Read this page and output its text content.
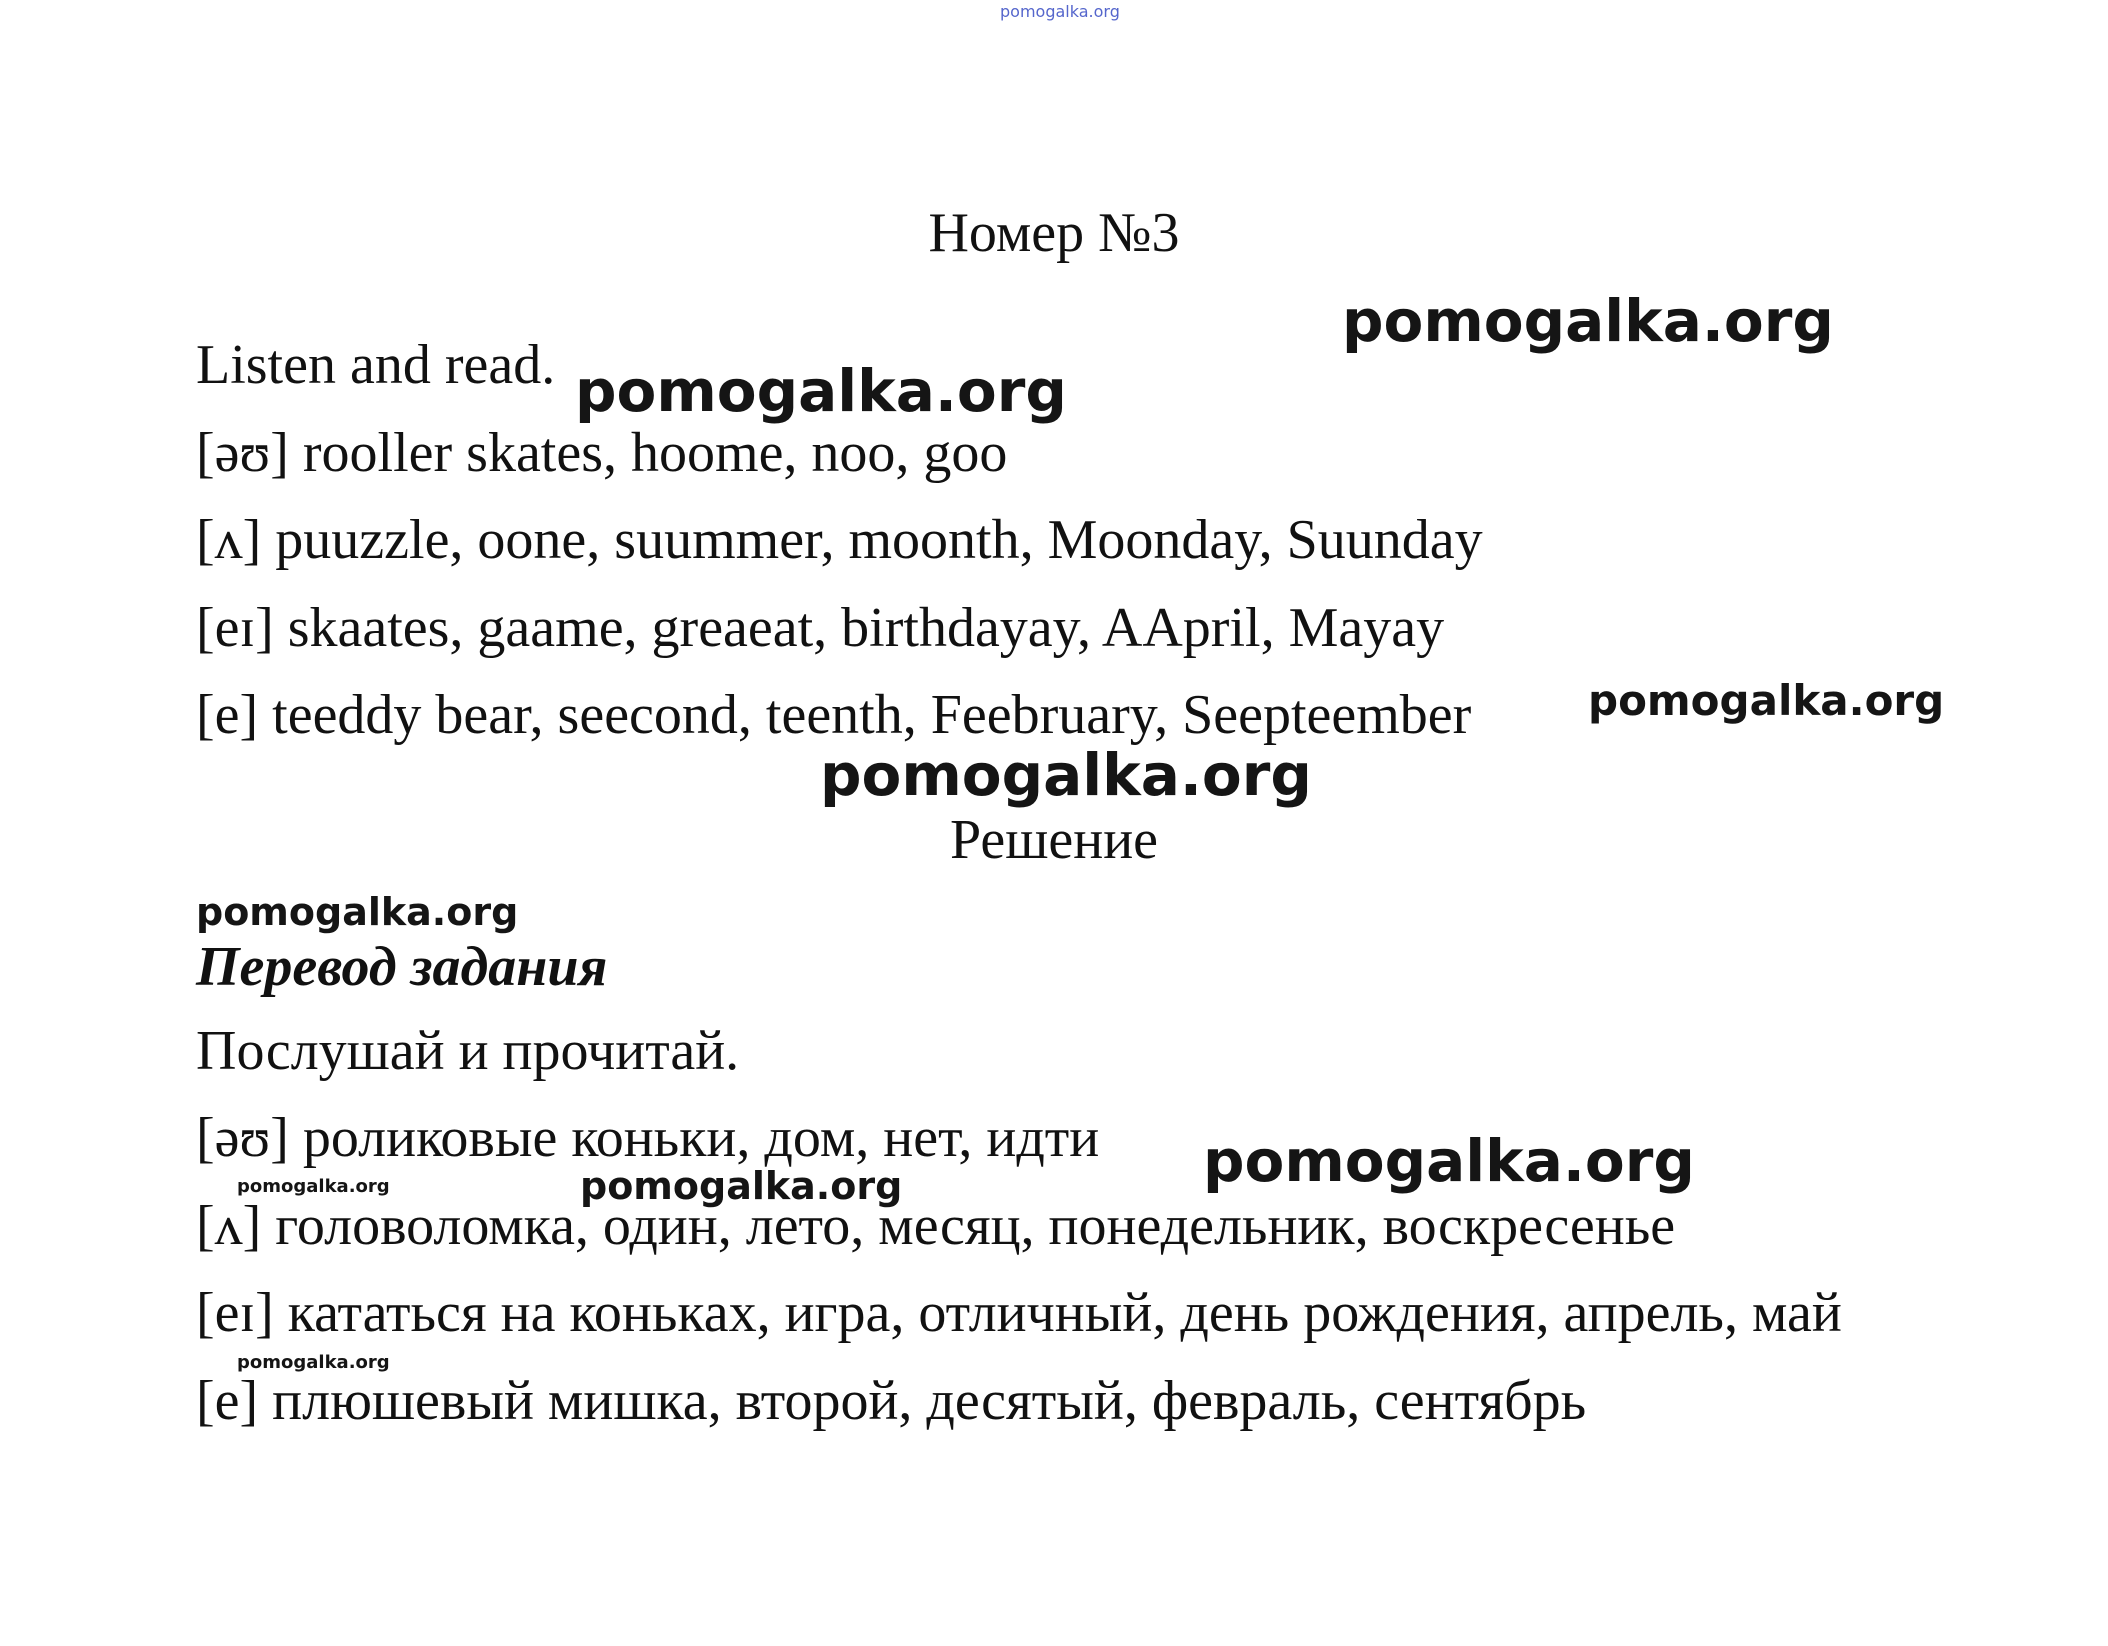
pomogalka.org
Номер №3
Listen and read.
[əʊ] rooller skates, hoome, noo, goo
[ʌ] puuzzle, oone, suummer, moonth, Moonday, Suunday
[eɪ] skaates, gaame, greaeat, birthdayay, AApril, Mayay
[e] teeddy bear, seecond, teenth, Feebruary, Seepteember
Решение
Перевод задания
Послушай и прочитай.
[əʊ] роликовые коньки, дом, нет, идти
[ʌ] головоломка, один, лето, месяц, понедельник, воскресенье
[eɪ] кататься на коньках, игра, отличный, день рождения, апрель, май
[e] плюшевый мишка, второй, десятый, февраль, сентябрь
pomogalka.org
pomogalka.org
pomogalka.org
pomogalka.org
pomogalka.org
pomogalka.org
pomogalka.org
pomogalka.org
pomogalka.org
